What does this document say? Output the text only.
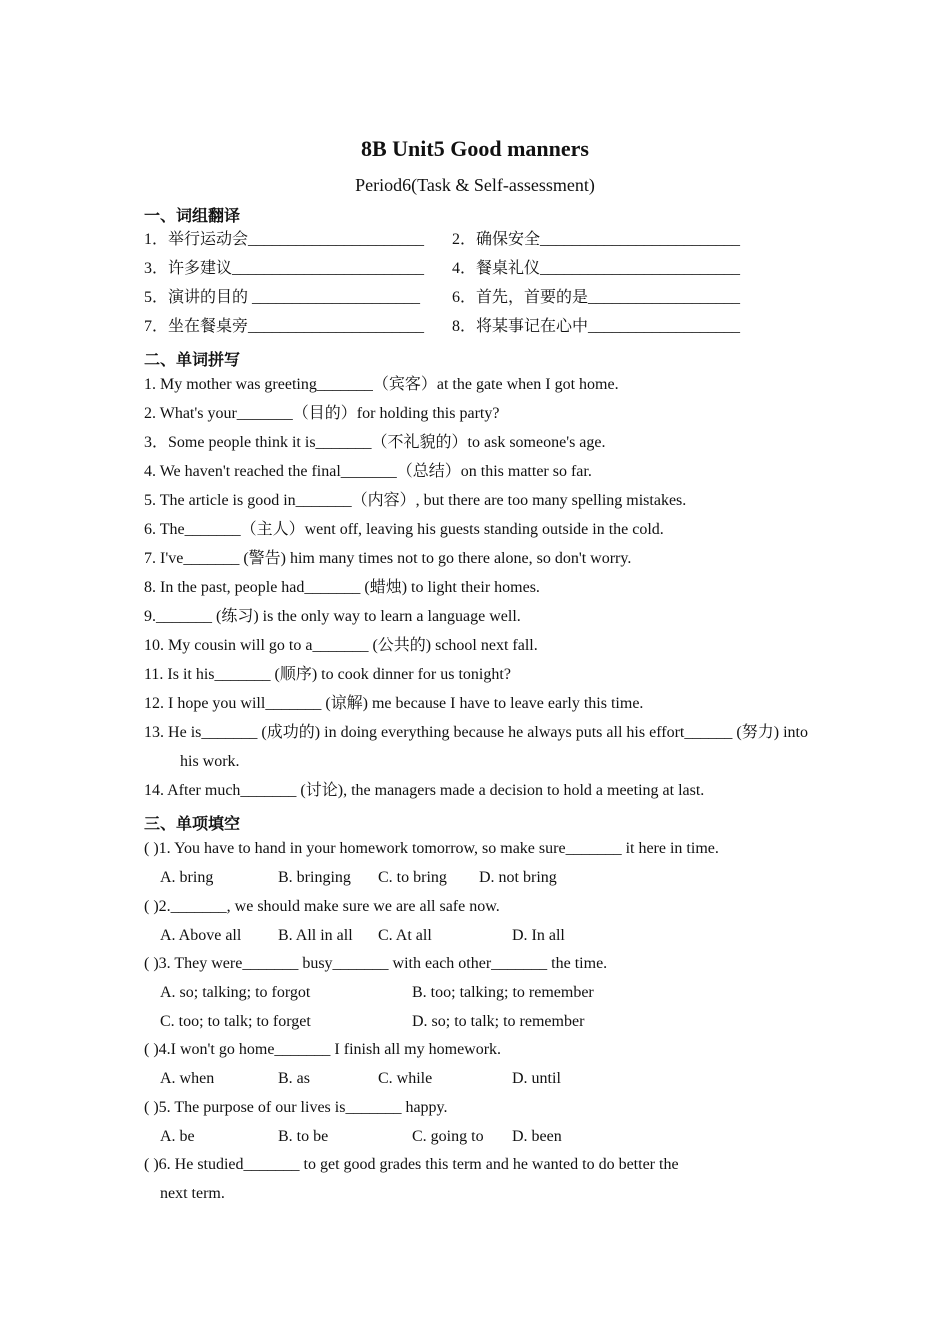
8B Unit5 Good manners
Period6(Task & Self-assessment)
一、词组翻译
1．举行运动会______________________ 2．确保安全_________________________
3．许多建议________________________ 4．餐桌礼仪_________________________
5．演讲的目的 _____________________ 6．首先，首要的是___________________
7．坐在餐桌旁______________________ 8．将某事记在心中___________________
二、单词拼写
1. My mother was greeting_______（宾客）at the gate when I got home.
2. What's your_______（目的）for holding this party?
3．Some people think it is_______（不礼貌的）to ask someone's age.
4. We haven't reached the final_______（总结）on this matter so far.
5. The article is good in_______（内容）, but there are too many spelling mistakes.
6. The_______（主人）went off, leaving his guests standing outside in the cold.
7. I've_______ (警告) him many times not to go there alone, so don't worry.
8. In the past, people had_______ (蜡烛) to light their homes.
9._______ (练习) is the only way to learn a language well.
10. My cousin will go to a_______ (公共的) school next fall.
11. Is it his_______ (顺序) to cook dinner for us tonight?
12. I hope you will_______ (谅解) me because I have to leave early this time.
13. He is_______ (成功的) in doing everything because he always puts all his effort______ (努力) into his work.
14. After much_______ (讨论), the managers made a decision to hold a meeting at last.
三、单项填空
( )1. You have to hand in your homework tomorrow, so make sure_______ it here in time.
A. bring	B. bringing C. to bring D. not bring
( )2._______, we should make sure we are all safe now.
A. Above all B. All in all C. At all	D. In all
( )3. They were_______ busy_______ with each other_______ the time.
A. so; talking; to forgot	B. too; talking; to remember
C. too; to talk; to forget	D. so; to talk; to remember
( )4.I won't go home_______ I finish all my homework.
A. when	B. as	C. while	D. until
( )5. The purpose of our lives is_______ happy.
A. be	B. to be	C. going to D. been
( )6. He studied_______ to get good grades this term and he wanted to do better the
next term.
